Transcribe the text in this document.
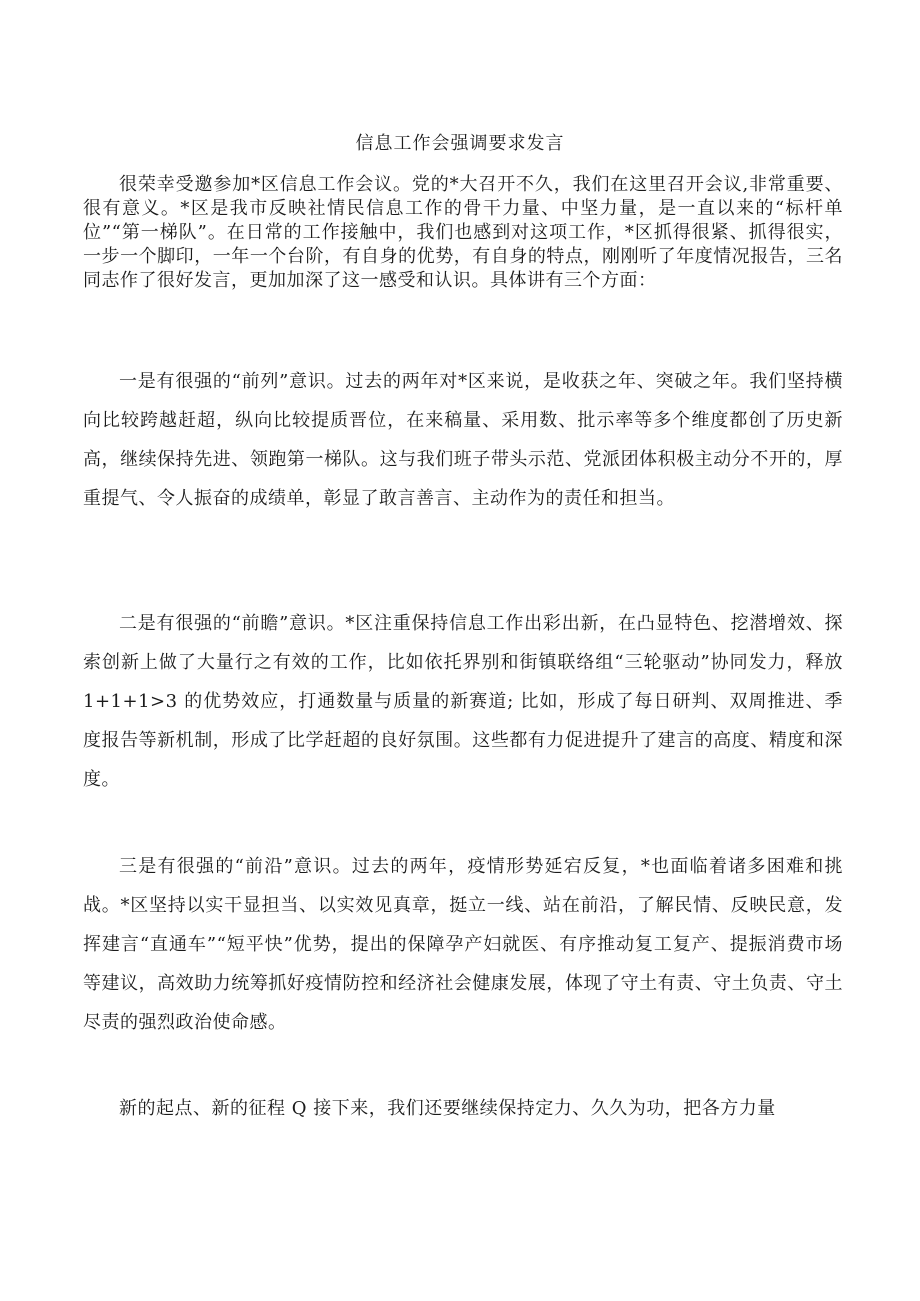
信息工作会强调要求发言

很荣幸受邀参加*区信息工作会议。党的*大召开不久，我们在这里召开会议,非常重要、很有意义。*区是我市反映社情民信息工作的骨干力量、中坚力量，是一直以来的“标杆单位”“第一梯队”。在日常的工作接触中，我们也感到对这项工作，*区抓得很紧、抓得很实，一步一个脚印，一年一个台阶，有自身的优势，有自身的特点，刚刚听了年度情况报告，三名同志作了很好发言，更加加深了这一感受和认识。具体讲有三个方面：

一是有很强的“前列”意识。过去的两年对*区来说，是收获之年、突破之年。我们坚持横向比较跨越赶超，纵向比较提质晋位，在来稿量、采用数、批示率等多个维度都创了历史新高，继续保持先进、领跑第一梯队。这与我们班子带头示范、党派团体积极主动分不开的，厚重提气、令人振奋的成绩单，彰显了敢言善言、主动作为的责任和担当。

二是有很强的“前瞻”意识。*区注重保持信息工作出彩出新，在凸显特色、挖潜增效、探索创新上做了大量行之有效的工作，比如依托界别和街镇联络组“三轮驱动”协同发力，释放 1+1+1>3 的优势效应，打通数量与质量的新赛道; 比如，形成了每日研判、双周推进、季度报告等新机制，形成了比学赶超的良好氛围。这些都有力促进提升了建言的高度、精度和深度。

三是有很强的“前沿”意识。过去的两年，疫情形势延宕反复，*也面临着诸多困难和挑战。*区坚持以实干显担当、以实效见真章，挺立一线、站在前沿，了解民情、反映民意，发挥建言“直通车”“短平快”优势，提出的保障孕产妇就医、有序推动复工复产、提振消费市场等建议，高效助力统筹抓好疫情防控和经济社会健康发展，体现了守土有责、守土负责、守土尽责的强烈政治使命感。

新的起点、新的征程 Q 接下来，我们还要继续保持定力、久久为功，把各方力量
